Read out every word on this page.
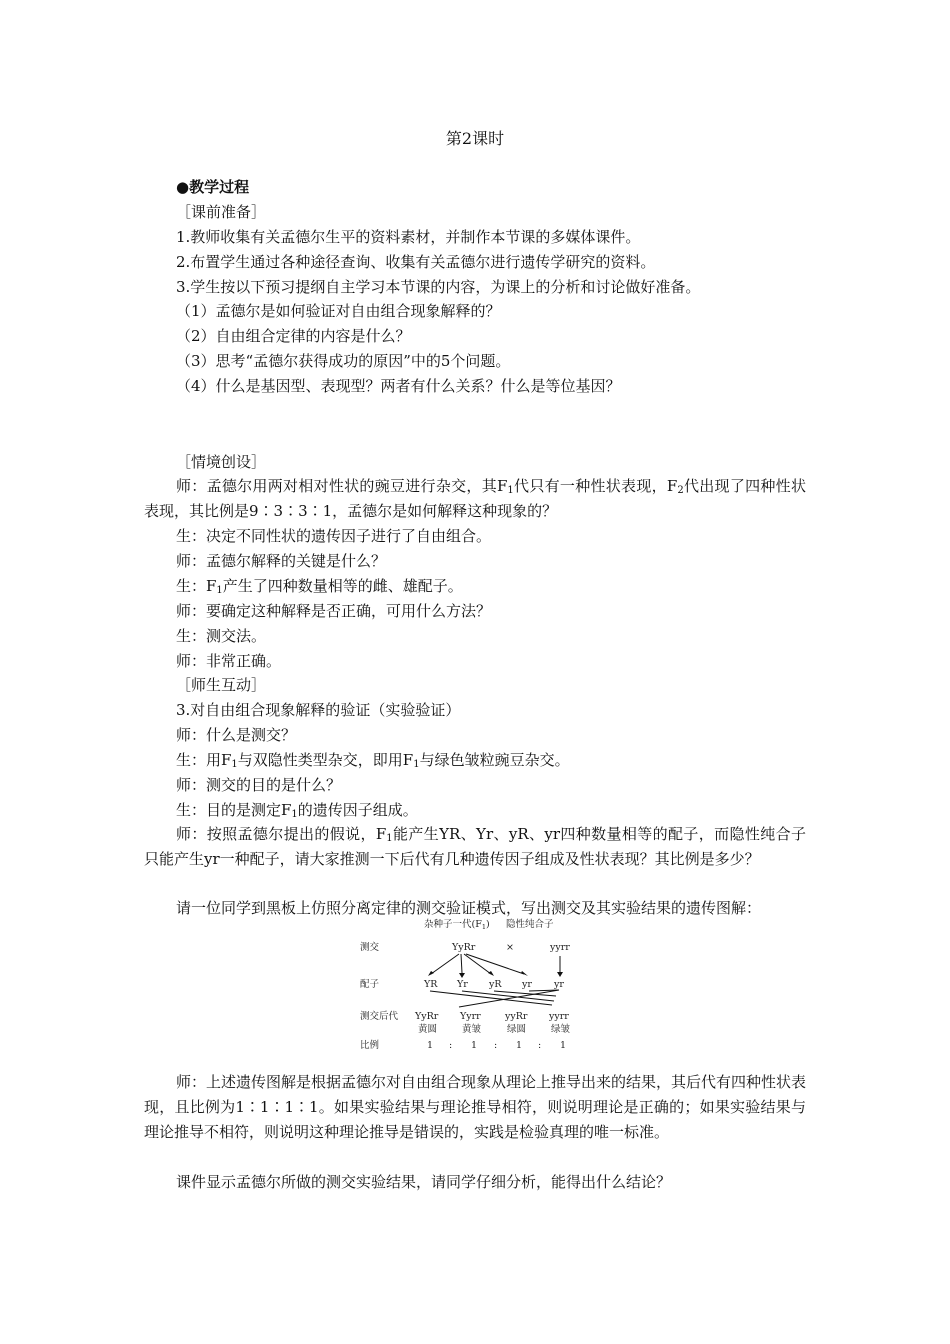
第2课时
●教学过程
［课前准备］
1.教师收集有关孟德尔生平的资料素材，并制作本节课的多媒体课件。
2.布置学生通过各种途径查询、收集有关孟德尔进行遗传学研究的资料。
3.学生按以下预习提纲自主学习本节课的内容，为课上的分析和讨论做好准备。
（1）孟德尔是如何验证对自由组合现象解释的？
（2）自由组合定律的内容是什么？
（3）思考“孟德尔获得成功的原因”中的5个问题。
（4）什么是基因型、表现型？两者有什么关系？什么是等位基因？
［情境创设］
师：孟德尔用两对相对性状的豌豆进行杂交，其$F_1$代只有一种性状表现，$F_2$代出现了四种性状表现，其比例是9∶3∶3∶1，孟德尔是如何解释这种现象的？
生：决定不同性状的遗传因子进行了自由组合。
师：孟德尔解释的关键是什么？
生：$F_1$产生了四种数量相等的雌、雄配子。
师：要确定这种解释是否正确，可用什么方法？
生：测交法。
师：非常正确。
［师生互动］
3.对自由组合现象解释的验证（实验验证）
师：什么是测交？
生：用$F_1$与双隐性类型杂交，即用$F_1$与绿色皱粒豌豆杂交。
师：测交的目的是什么？
生：目的是测定$F_1$的遗传因子组成。
师：按照孟德尔提出的假说，$F_1$能产生YR、Yr、yR、yr四种数量相等的配子，而隐性纯合子只能产生yr一种配子，请大家推测一下后代有几种遗传因子组成及性状表现？其比例是多少？
请一位同学到黑板上仿照分离定律的测交验证模式，写出测交及其实验结果的遗传图解：
杂种子一代$(F_1)$ 隐性纯合子
测交	YyRr	×	yyrr
配子	YR Yr yR yr yr
测交后代 YyRr Yyrr	yyRr yyrr
黄圆	黄皱	绿圆	绿皱
比例	1 : 1 : 1 : 1
师：上述遗传图解是根据孟德尔对自由组合现象从理论上推导出来的结果，其后代有四种性状表现，且比例为1∶1∶1∶1。如果实验结果与理论推导相符，则说明理论是正确的；如果实验结果与理论推导不相符，则说明这种理论推导是错误的，实践是检验真理的唯一标准。
课件显示孟德尔所做的测交实验结果，请同学仔细分析，能得出什么结论？
